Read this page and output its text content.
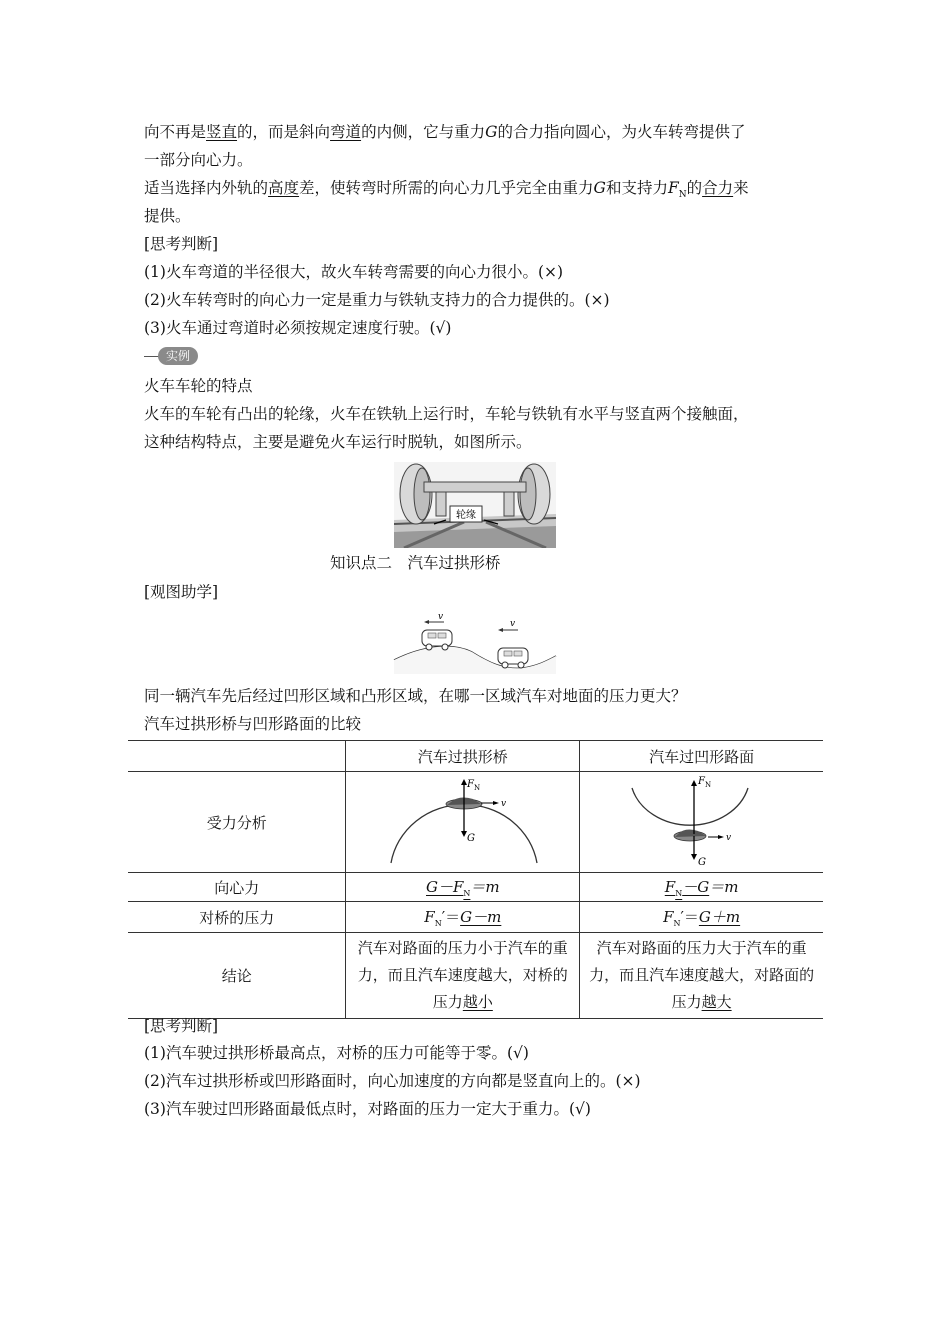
向不再是竖直的，而是斜向弯道的内侧，它与重力G的合力指向圆心，为火车转弯提供了
一部分向心力。
适当选择内外轨的高度差，使转弯时所需的向心力几乎完全由重力G和支持力$F_N$的合力来
提供。
[思考判断]
(1)火车弯道的半径很大，故火车转弯需要的向心力很小。(×)
(2)火车转弯时的向心力一定是重力与铁轨支持力的合力提供的。(×)
(3)火车通过弯道时必须按规定速度行驶。(√)
实例
火车车轮的特点
火车的车轮有凸出的轮缘，火车在铁轨上运行时，车轮与铁轨有水平与竖直两个接触面，
这种结构特点，主要是避免火车运行时脱轨，如图所示。
轮缘
知识点二　汽车过拱形桥
[观图助学]
v
v
同一辆汽车先后经过凹形区域和凸形区域，在哪一区域汽车对地面的压力更大？
汽车过拱形桥与凹形路面的比较
	汽车过拱形桥	汽车过凹形路面
受力分析	F N
G
v	F N
G
v

向心力	$G-F_N=m$	$F_N-G=m$
对桥的压力	$F_N'=G-m$	$F_N'=G+m$
结论	汽车对路面的压力小于汽车的重力，而且汽车速度越大，对桥的压力越小	汽车对路面的压力大于汽车的重力，而且汽车速度越大，对路面的压力越大
[思考判断]
(1)汽车驶过拱形桥最高点，对桥的压力可能等于零。(√)
(2)汽车过拱形桥或凹形路面时，向心加速度的方向都是竖直向上的。(×)
(3)汽车驶过凹形路面最低点时，对路面的压力一定大于重力。(√)
